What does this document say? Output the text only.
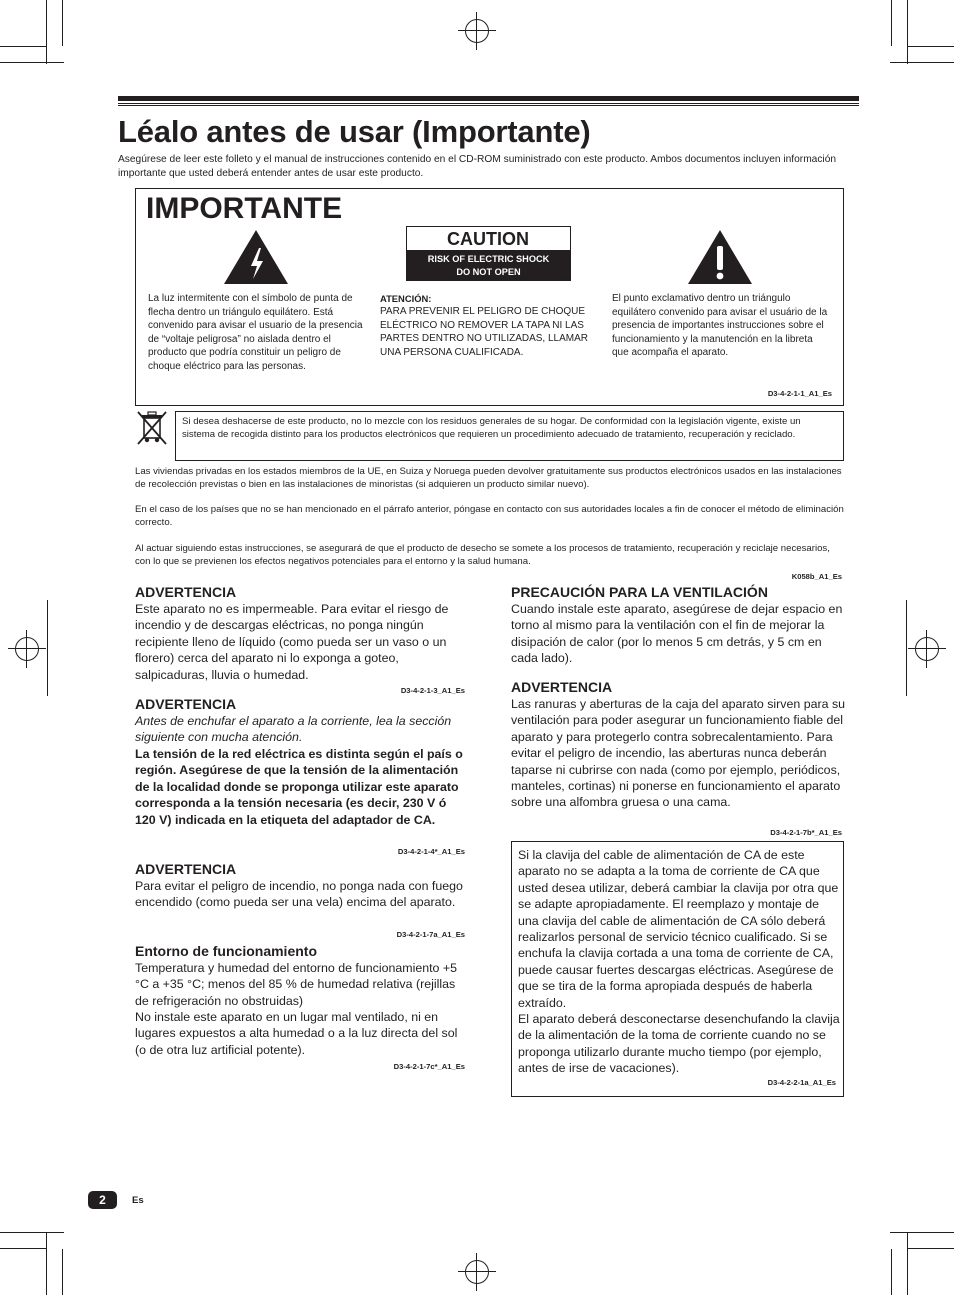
Léalo antes de usar (Importante)
Asegúrese de leer este folleto y el manual de instrucciones contenido en el CD-ROM suministrado con este producto. Ambos documentos incluyen información importante que usted deberá entender antes de usar este producto.
IMPORTANTE
CAUTION
RISK OF ELECTRIC SHOCK
DO NOT OPEN
La luz intermitente con el símbolo de punta de flecha dentro un triángulo equilátero. Está convenido para avisar el usuario de la presencia de “voltaje peligrosa” no aislada dentro el producto que podría constituir un peligro de choque eléctrico para las personas.
ATENCIÓN:
PARA PREVENIR EL PELIGRO DE CHOQUE ELÉCTRICO NO REMOVER LA TAPA NI LAS PARTES DENTRO NO UTILIZADAS, LLAMAR UNA PERSONA CUALIFICADA.
El punto exclamativo dentro un triángulo equilátero convenido para avisar el usuário de la presencia de importantes instrucciones sobre el funcionamiento y la manutención en la libreta que acompaña el aparato.
D3-4-2-1-1_A1_Es
Si desea deshacerse de este producto, no lo mezcle con los residuos generales de su hogar. De conformidad con la legislación vigente, existe un sistema de recogida distinto para los productos electrónicos que requieren un procedimiento adecuado de tratamiento, recuperación y reciclado.
Las viviendas privadas en los estados miembros de la UE, en Suiza y Noruega pueden devolver gratuitamente sus productos electrónicos usados en las instalaciones de recolección previstas o bien en las instalaciones de minoristas (si adquieren un producto similar nuevo).
En el caso de los países que no se han mencionado en el párrafo anterior, póngase en contacto con sus autoridades locales a fin de conocer el método de eliminación correcto.
Al actuar siguiendo estas instrucciones, se asegurará de que el producto de desecho se somete a los procesos de tratamiento, recuperación y reciclaje necesarios, con lo que se previenen los efectos negativos potenciales para el entorno y la salud humana.
K058b_A1_Es
ADVERTENCIA
Este aparato no es impermeable. Para evitar el riesgo de incendio y de descargas eléctricas, no ponga ningún recipiente lleno de líquido (como pueda ser un vaso o un florero) cerca del aparato ni lo exponga a goteo, salpicaduras, lluvia o humedad.
D3-4-2-1-3_A1_Es
ADVERTENCIA
Antes de enchufar el aparato a la corriente, lea la sección siguiente con mucha atención.
La tensión de la red eléctrica es distinta según el país o región. Asegúrese de que la tensión de la alimentación de la localidad donde se proponga utilizar este aparato corresponda a la tensión necesaria (es decir, 230 V ó 120 V) indicada en la etiqueta del adaptador de CA.
D3-4-2-1-4*_A1_Es
ADVERTENCIA
Para evitar el peligro de incendio, no ponga nada con fuego encendido (como pueda ser una vela) encima del aparato.
D3-4-2-1-7a_A1_Es
Entorno de funcionamiento
Temperatura y humedad del entorno de funcionamiento +5 °C a +35 °C; menos del 85 % de humedad relativa (rejillas de refrigeración no obstruidas)
No instale este aparato en un lugar mal ventilado, ni en lugares expuestos a alta humedad o a la luz directa del sol (o de otra luz artificial potente).
D3-4-2-1-7c*_A1_Es
PRECAUCIÓN PARA LA VENTILACIÓN
Cuando instale este aparato, asegúrese de dejar espacio en torno al mismo para la ventilación con el fin de mejorar la disipación de calor (por lo menos 5 cm detrás, y 5 cm en cada lado).
ADVERTENCIA
Las ranuras y aberturas de la caja del aparato sirven para su ventilación para poder asegurar un funcionamiento fiable del aparato y para protegerlo contra sobrecalentamiento. Para evitar el peligro de incendio, las aberturas nunca deberán taparse ni cubrirse con nada (como por ejemplo, periódicos, manteles, cortinas) ni ponerse en funcionamiento el aparato sobre una alfombra gruesa o una cama.
D3-4-2-1-7b*_A1_Es
Si la clavija del cable de alimentación de CA de este aparato no se adapta a la toma de corriente de CA que usted desea utilizar, deberá cambiar la clavija por otra que se adapte apropiadamente. El reemplazo y montaje de una clavija del cable de alimentación de CA sólo deberá realizarlos personal de servicio técnico cualificado. Si se enchufa la clavija cortada a una toma de corriente de CA, puede causar fuertes descargas eléctricas. Asegúrese de que se tira de la forma apropiada después de haberla extraído.
El aparato deberá desconectarse desenchufando la clavija de la alimentación de la toma de corriente cuando no se proponga utilizarlo durante mucho tiempo (por ejemplo, antes de irse de vacaciones).
D3-4-2-2-1a_A1_Es
2	Es
